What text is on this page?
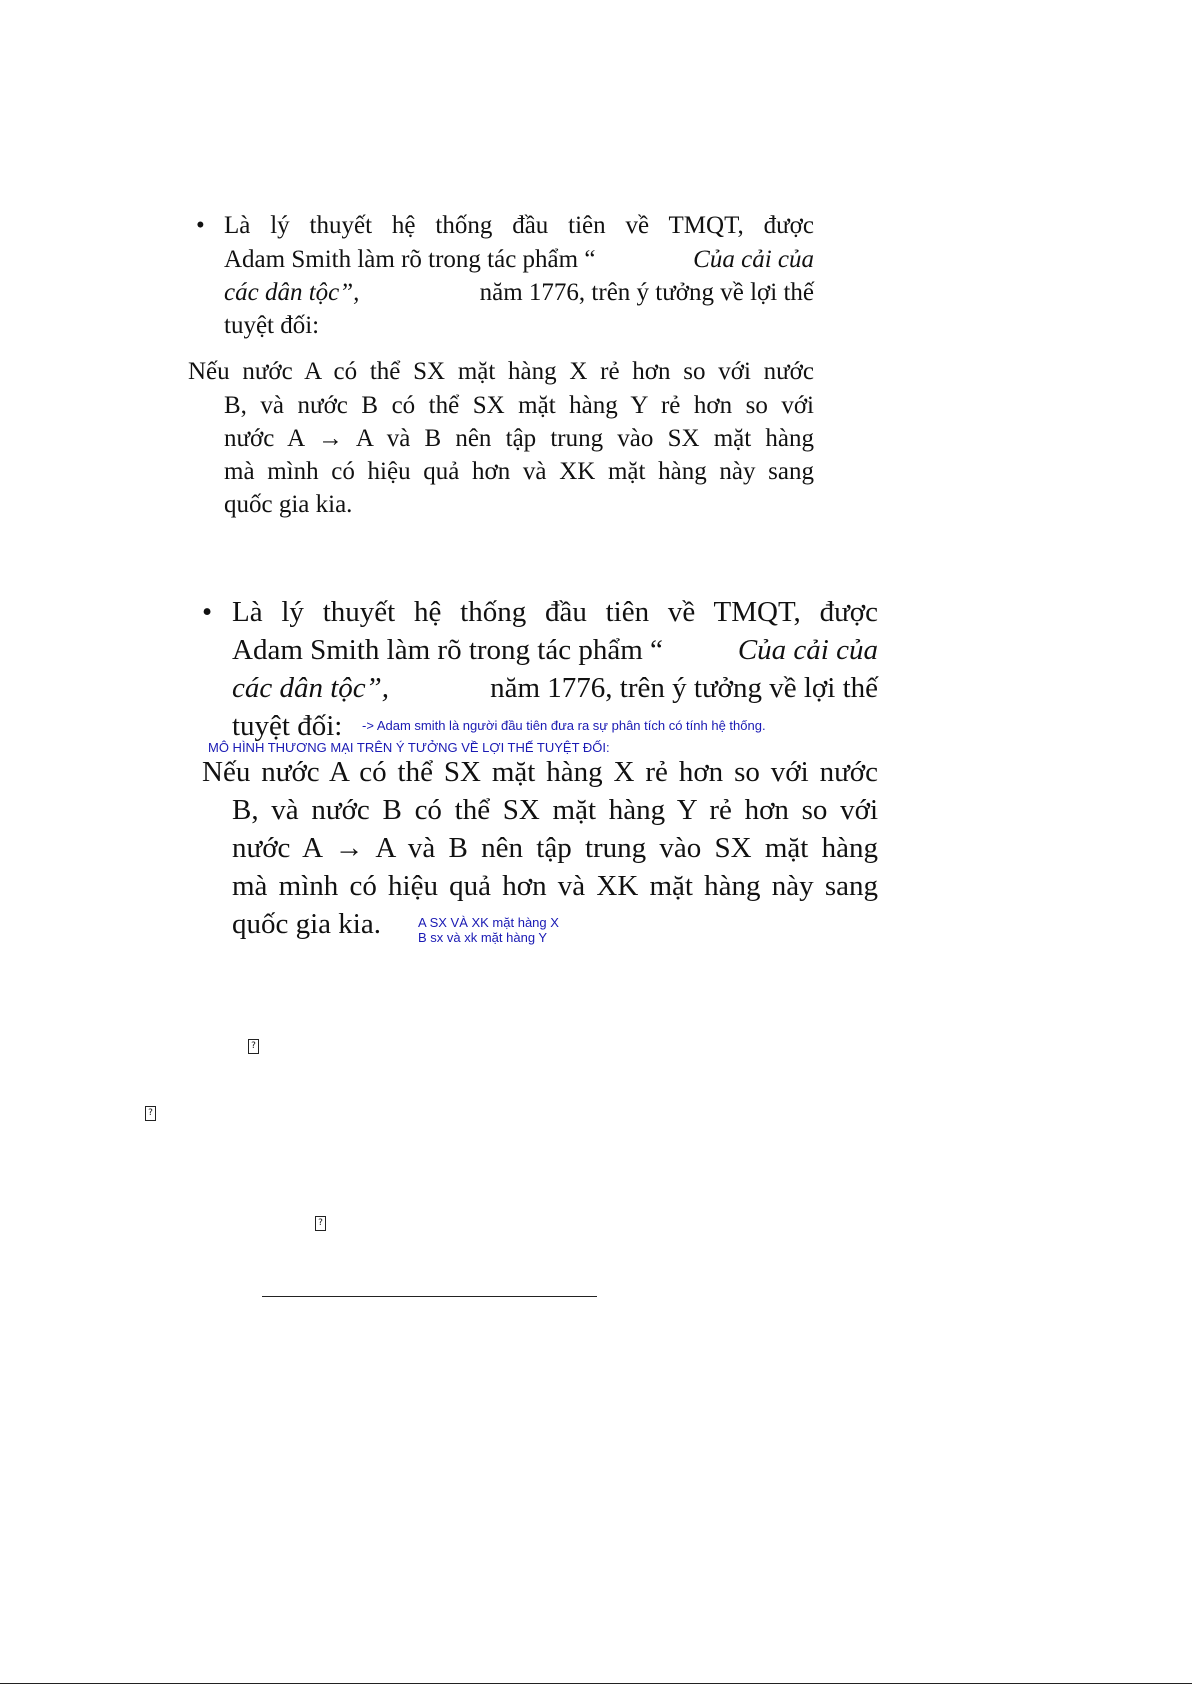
• Là lý thuyết hệ thống đầu tiên về TMQT, được
Adam Smith làm rõ trong tác phẩm “	Của cải của
các dân tộc”,	năm 1776, trên ý tưởng về lợi thế
tuyệt đối:
Nếu nước A có thể SX mặt hàng X rẻ hơn so với nước
B, và nước B có thể SX mặt hàng Y rẻ hơn so với
nước A → A và B nên tập trung vào SX mặt hàng
mà mình có hiệu quả hơn và XK mặt hàng này sang
quốc gia kia.
• Là lý thuyết hệ thống đầu tiên về TMQT, được
Adam Smith làm rõ trong tác phẩm “	Của cải của
các dân tộc”,	năm 1776, trên ý tưởng về lợi thế
tuyệt đối:
Nếu nước A có thể SX mặt hàng X rẻ hơn so với nước
B, và nước B có thể SX mặt hàng Y rẻ hơn so với
nước A → A và B nên tập trung vào SX mặt hàng
mà mình có hiệu quả hơn và XK mặt hàng này sang
quốc gia kia.
-> Adam smith là người đầu tiên đưa ra sự phân tích có tính hệ thống.
MÔ HÌNH THƯƠNG MẠI TRÊN Ý TƯỞNG VỀ LỢI THẾ TUYỆT ĐỐI:
A SX VÀ XK mặt hàng X
B sx và xk mặt hàng Y
?
?
?
